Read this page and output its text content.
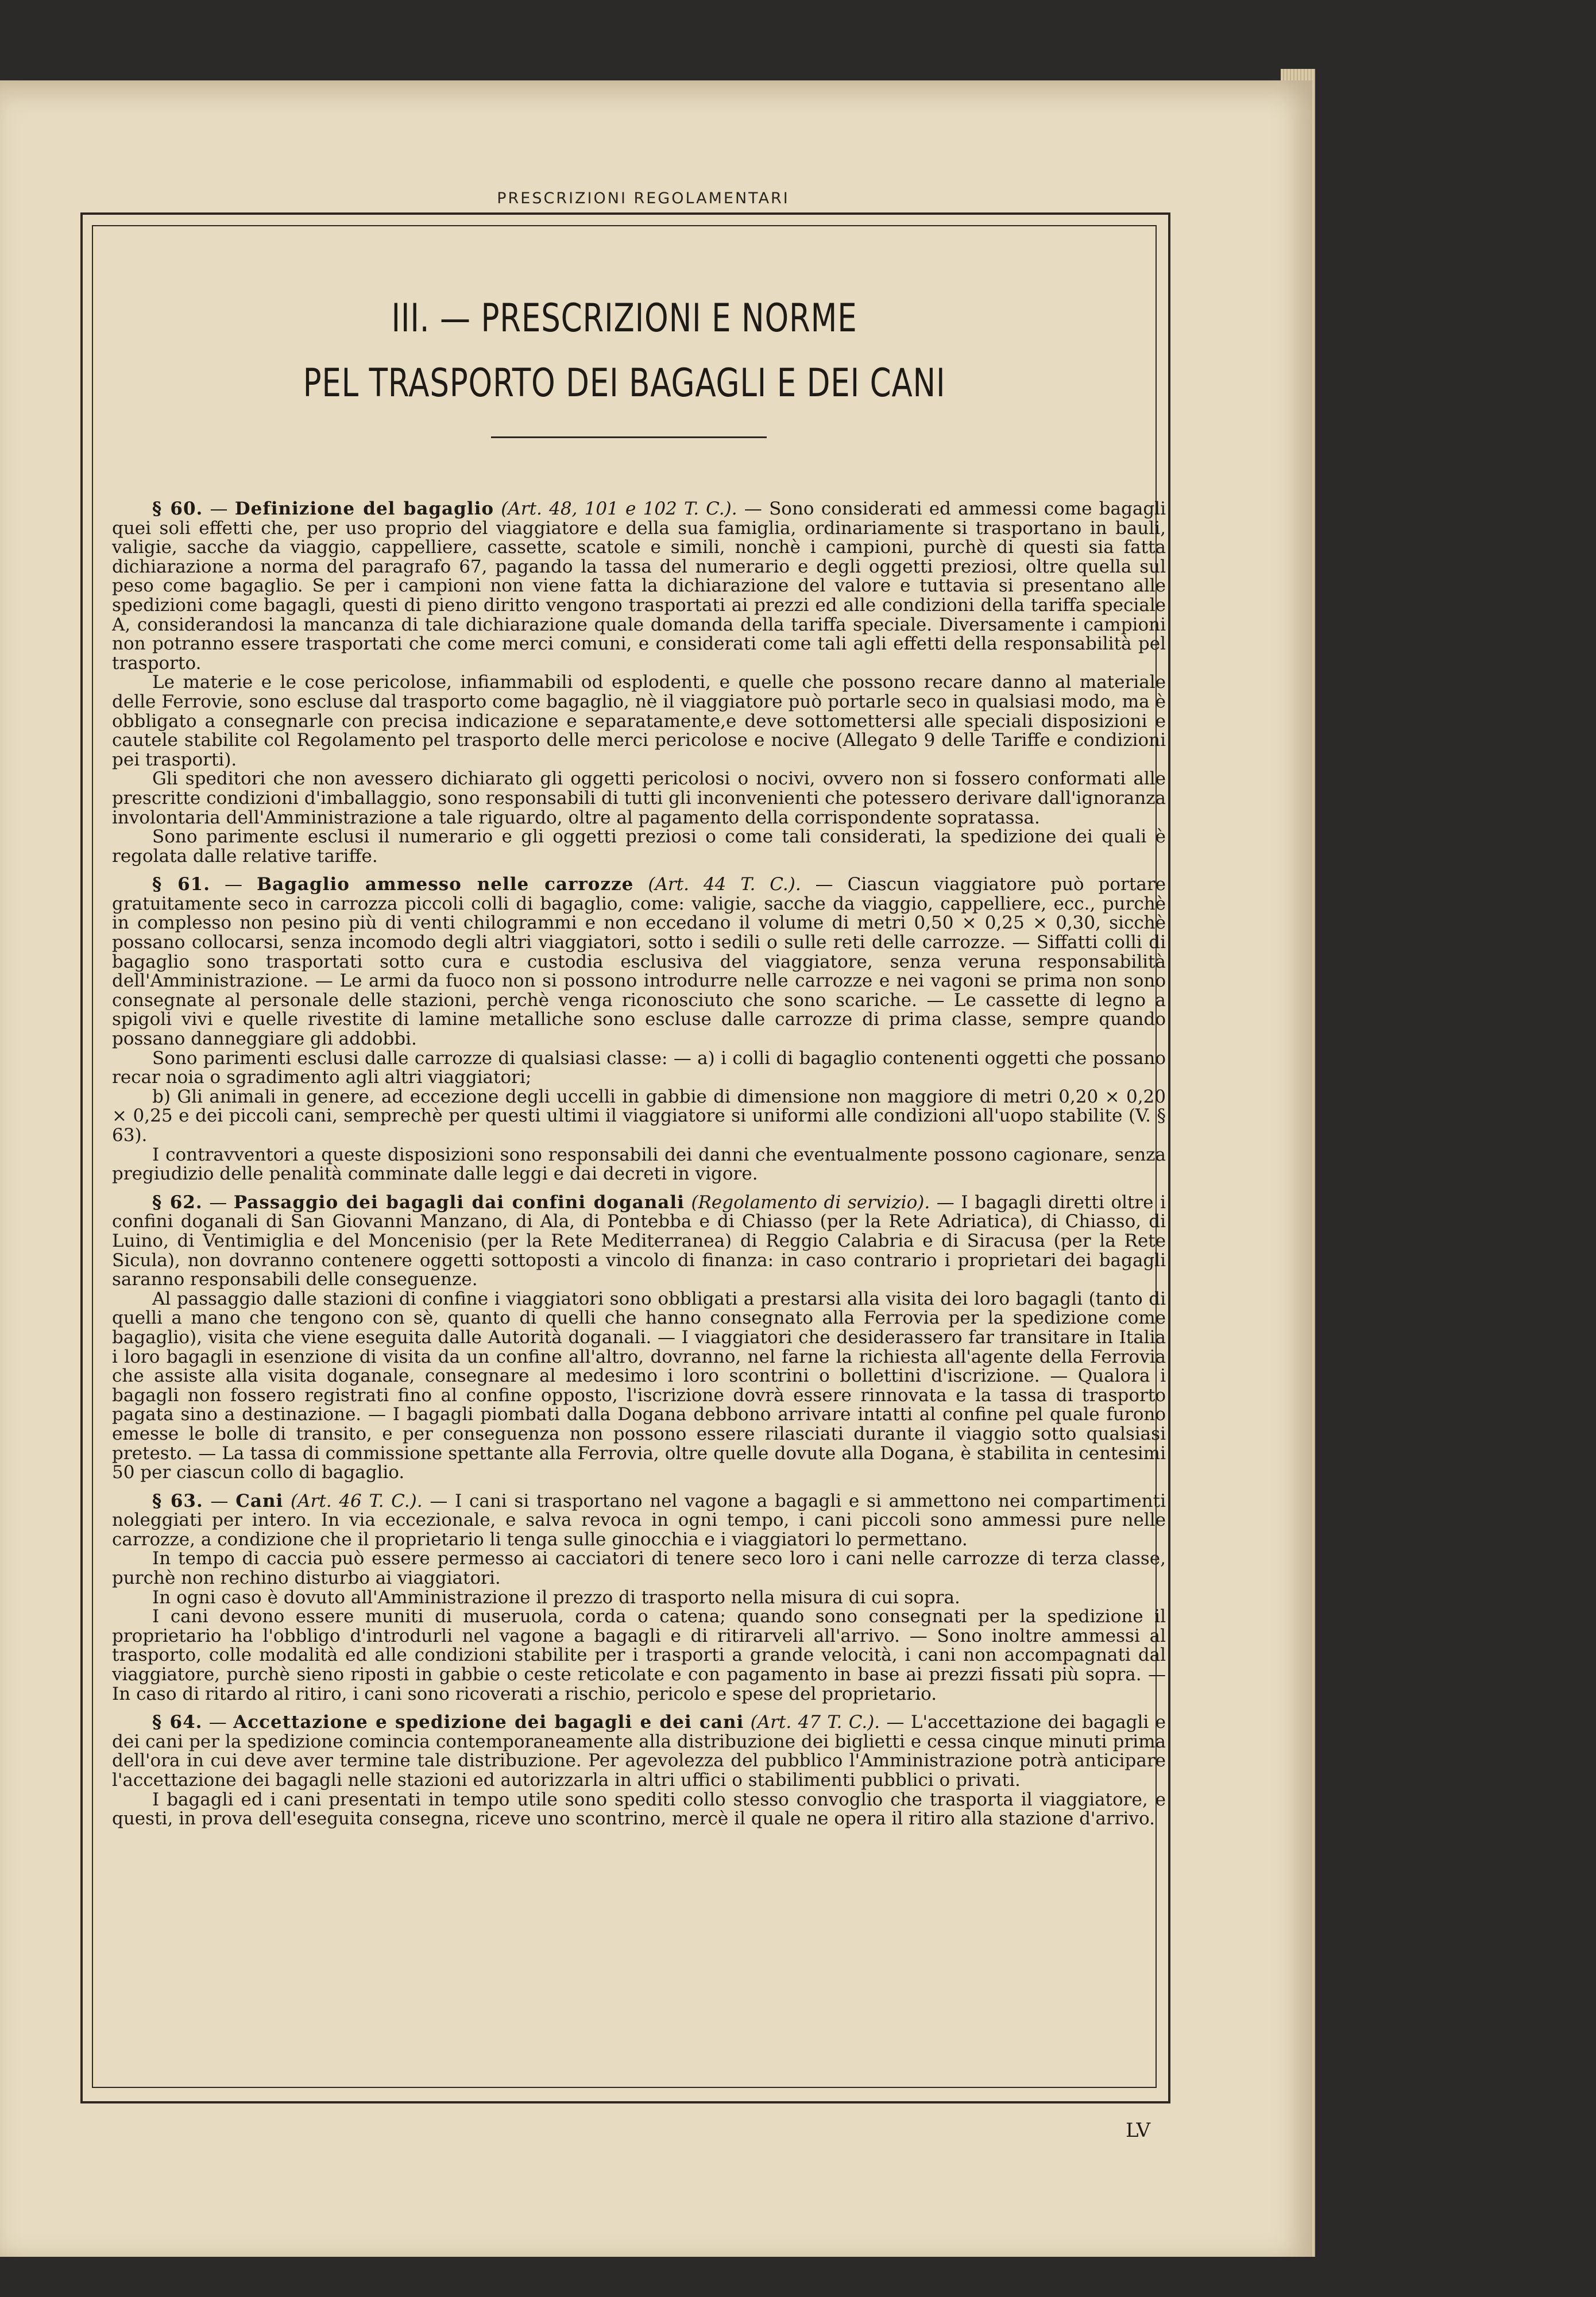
PRESCRIZIONI REGOLAMENTARI
III. — PRESCRIZIONI E NORME
PEL TRASPORTO DEI BAGAGLI E DEI CANI

§ 60. — Definizione del bagaglio (Art. 48, 101 e 102 T. C.). — Sono considerati ed ammessi come bagagli quei soli effetti che, per uso proprio del viaggiatore e della sua famiglia, ordinariamente si trasportano in bauli, valigie, sacche da viaggio, cappelliere, cassette, scatole e simili, nonchè i campioni, purchè di questi sia fatta dichiarazione a norma del paragrafo 67, pagando la tassa del numerario e degli oggetti preziosi, oltre quella sul peso come bagaglio. Se per i campioni non viene fatta la dichiarazione del valore e tuttavia si presentano alle spedizioni come bagagli, questi di pieno diritto vengono trasportati ai prezzi ed alle condizioni della tariffa speciale A, considerandosi la mancanza di tale dichiarazione quale domanda della tariffa speciale. Diversamente i campioni non potranno essere trasportati che come merci comuni, e considerati come tali agli effetti della responsabilità pel trasporto.

Le materie e le cose pericolose, infiammabili od esplodenti, e quelle che possono recare danno al materiale delle Ferrovie, sono escluse dal trasporto come bagaglio, nè il viaggiatore può portarle seco in qualsiasi modo, ma è obbligato a consegnarle con precisa indicazione e separatamente,e deve sottomettersi alle speciali disposizioni e cautele stabilite col Regolamento pel trasporto delle merci pericolose e nocive (Allegato 9 delle Tariffe e condizioni pei trasporti).

Gli speditori che non avessero dichiarato gli oggetti pericolosi o nocivi, ovvero non si fossero conformati alle prescritte condizioni d'imballaggio, sono responsabili di tutti gli inconvenienti che potessero derivare dall'ignoranza involontaria dell'Amministrazione a tale riguardo, oltre al pagamento della corrispondente sopratassa.

Sono parimente esclusi il numerario e gli oggetti preziosi o come tali considerati, la spedizione dei quali è regolata dalle relative tariffe.

§ 61. — Bagaglio ammesso nelle carrozze (Art. 44 T. C.). — Ciascun viaggiatore può portare gratuitamente seco in carrozza piccoli colli di bagaglio, come: valigie, sacche da viaggio, cappelliere, ecc., purchè in complesso non pesino più di venti chilogrammi e non eccedano il volume di metri 0,50 × 0,25 × 0,30, sicchè possano collocarsi, senza incomodo degli altri viaggiatori, sotto i sedili o sulle reti delle carrozze. — Siffatti colli di bagaglio sono trasportati sotto cura e custodia esclusiva del viaggiatore, senza veruna responsabilità dell'Amministrazione. — Le armi da fuoco non si possono introdurre nelle carrozze e nei vagoni se prima non sono consegnate al personale delle stazioni, perchè venga riconosciuto che sono scariche. — Le cassette di legno a spigoli vivi e quelle rivestite di lamine metalliche sono escluse dalle carrozze di prima classe, sempre quando possano danneggiare gli addobbi.

Sono parimenti esclusi dalle carrozze di qualsiasi classe: — a) i colli di bagaglio contenenti oggetti che possano recar noia o sgradimento agli altri viaggiatori;

b) Gli animali in genere, ad eccezione degli uccelli in gabbie di dimensione non maggiore di metri 0,20 × 0,20 × 0,25 e dei piccoli cani, semprechè per questi ultimi il viaggiatore si uniformi alle condizioni all'uopo stabilite (V. § 63).

I contravventori a queste disposizioni sono responsabili dei danni che eventualmente possono cagionare, senza pregiudizio delle penalità comminate dalle leggi e dai decreti in vigore.

§ 62. — Passaggio dei bagagli dai confini doganali (Regolamento di servizio). — I bagagli diretti oltre i confini doganali di San Giovanni Manzano, di Ala, di Pontebba e di Chiasso (per la Rete Adriatica), di Chiasso, di Luino, di Ventimiglia e del Moncenisio (per la Rete Mediterranea) di Reggio Calabria e di Siracusa (per la Rete Sicula), non dovranno contenere oggetti sottoposti a vincolo di finanza: in caso contrario i proprietari dei bagagli saranno responsabili delle conseguenze.

Al passaggio dalle stazioni di confine i viaggiatori sono obbligati a prestarsi alla visita dei loro bagagli (tanto di quelli a mano che tengono con sè, quanto di quelli che hanno consegnato alla Ferrovia per la spedizione come bagaglio), visita che viene eseguita dalle Autorità doganali. — I viaggiatori che desiderassero far transitare in Italia i loro bagagli in esenzione di visita da un confine all'altro, dovranno, nel farne la richiesta all'agente della Ferrovia che assiste alla visita doganale, consegnare al medesimo i loro scontrini o bollettini d'iscrizione. — Qualora i bagagli non fossero registrati fino al confine opposto, l'iscrizione dovrà essere rinnovata e la tassa di trasporto pagata sino a destinazione. — I bagagli piombati dalla Dogana debbono arrivare intatti al confine pel quale furono emesse le bolle di transito, e per conseguenza non possono essere rilasciati durante il viaggio sotto qualsiasi pretesto. — La tassa di commissione spettante alla Ferrovia, oltre quelle dovute alla Dogana, è stabilita in centesimi 50 per ciascun collo di bagaglio.

§ 63. — Cani (Art. 46 T. C.). — I cani si trasportano nel vagone a bagagli e si ammettono nei compartimenti noleggiati per intero. In via eccezionale, e salva revoca in ogni tempo, i cani piccoli sono ammessi pure nelle carrozze, a condizione che il proprietario li tenga sulle ginocchia e i viaggiatori lo permettano.

In tempo di caccia può essere permesso ai cacciatori di tenere seco loro i cani nelle carrozze di terza classe, purchè non rechino disturbo ai viaggiatori.

In ogni caso è dovuto all'Amministrazione il prezzo di trasporto nella misura di cui sopra.

I cani devono essere muniti di museruola, corda o catena; quando sono consegnati per la spedizione il proprietario ha l'obbligo d'introdurli nel vagone a bagagli e di ritirarveli all'arrivo. — Sono inoltre ammessi al trasporto, colle modalità ed alle condizioni stabilite per i trasporti a grande velocità, i cani non accompagnati dal viaggiatore, purchè sieno riposti in gabbie o ceste reticolate e con pagamento in base ai prezzi fissati più sopra. — In caso di ritardo al ritiro, i cani sono ricoverati a rischio, pericolo e spese del proprietario.

§ 64. — Accettazione e spedizione dei bagagli e dei cani (Art. 47 T. C.). — L'accettazione dei bagagli e dei cani per la spedizione comincia contemporaneamente alla distribuzione dei biglietti e cessa cinque minuti prima dell'ora in cui deve aver termine tale distribuzione. Per agevolezza del pubblico l'Amministrazione potrà anticipare l'accettazione dei bagagli nelle stazioni ed autorizzarla in altri uffici o stabilimenti pubblici o privati.

I bagagli ed i cani presentati in tempo utile sono spediti collo stesso convoglio che trasporta il viaggiatore, e questi, in prova dell'eseguita consegna, riceve uno scontrino, mercè il quale ne opera il ritiro alla stazione d'arrivo.

LV
